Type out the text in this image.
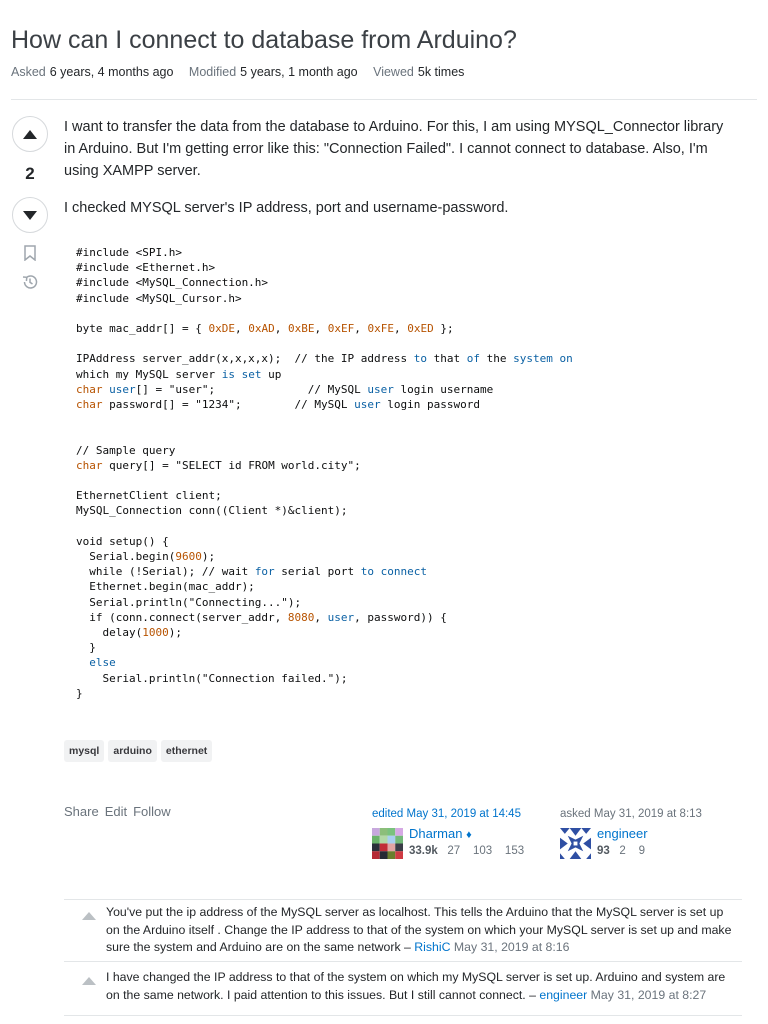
How can I connect to database from Arduino?
Asked 6 years, 4 months ago Modified 5 years, 1 month ago Viewed 5k times
2
I want to transfer the data from the database to Arduino. For this, I am using MYSQL_Connector library in Arduino. But I'm getting error like this: "Connection Failed". I cannot connect to database. Also, I'm using XAMPP server.
I checked MYSQL server's IP address, port and username-password.
#include <SPI.h>
#include <Ethernet.h>
#include <MySQL_Connection.h>
#include <MySQL_Cursor.h>

byte mac_addr[] = { 0xDE, 0xAD, 0xBE, 0xEF, 0xFE, 0xED };

IPAddress server_addr(x,x,x,x);  // the IP address to that of the system on
which my MySQL server is set up
char user[] = "user";              // MySQL user login username
char password[] = "1234";        // MySQL user login password

// Sample query
char query[] = "SELECT id FROM world.city";

EthernetClient client;
MySQL_Connection conn((Client *)&client);

void setup() {
Serial.begin(9600);
while (!Serial); // wait for serial port to connect
Ethernet.begin(mac_addr);
Serial.println("Connecting...");
if (conn.connect(server_addr, 8080, user, password)) {
delay(1000);
}
else
Serial.println("Connection failed.");
}
mysql arduino ethernet
Share Edit Follow	edited May 31, 2019 at 14:45
Dharman ♦
33.9k 27 103 153
asked May 31, 2019 at 8:13
engineer
93 2 9
You've put the ip address of the MySQL server as localhost. This tells the Arduino that the MySQL server is set up on the Arduino itself . Change the IP address to that of the system on which your MySQL server is set up and make sure the system and Arduino are on the same network – RishiC May 31, 2019 at 8:16
I have changed the IP address to that of the system on which my MySQL server is set up. Arduino and system are on the same network. I paid attention to this issues. But I still cannot connect. – engineer May 31, 2019 at 8:27
